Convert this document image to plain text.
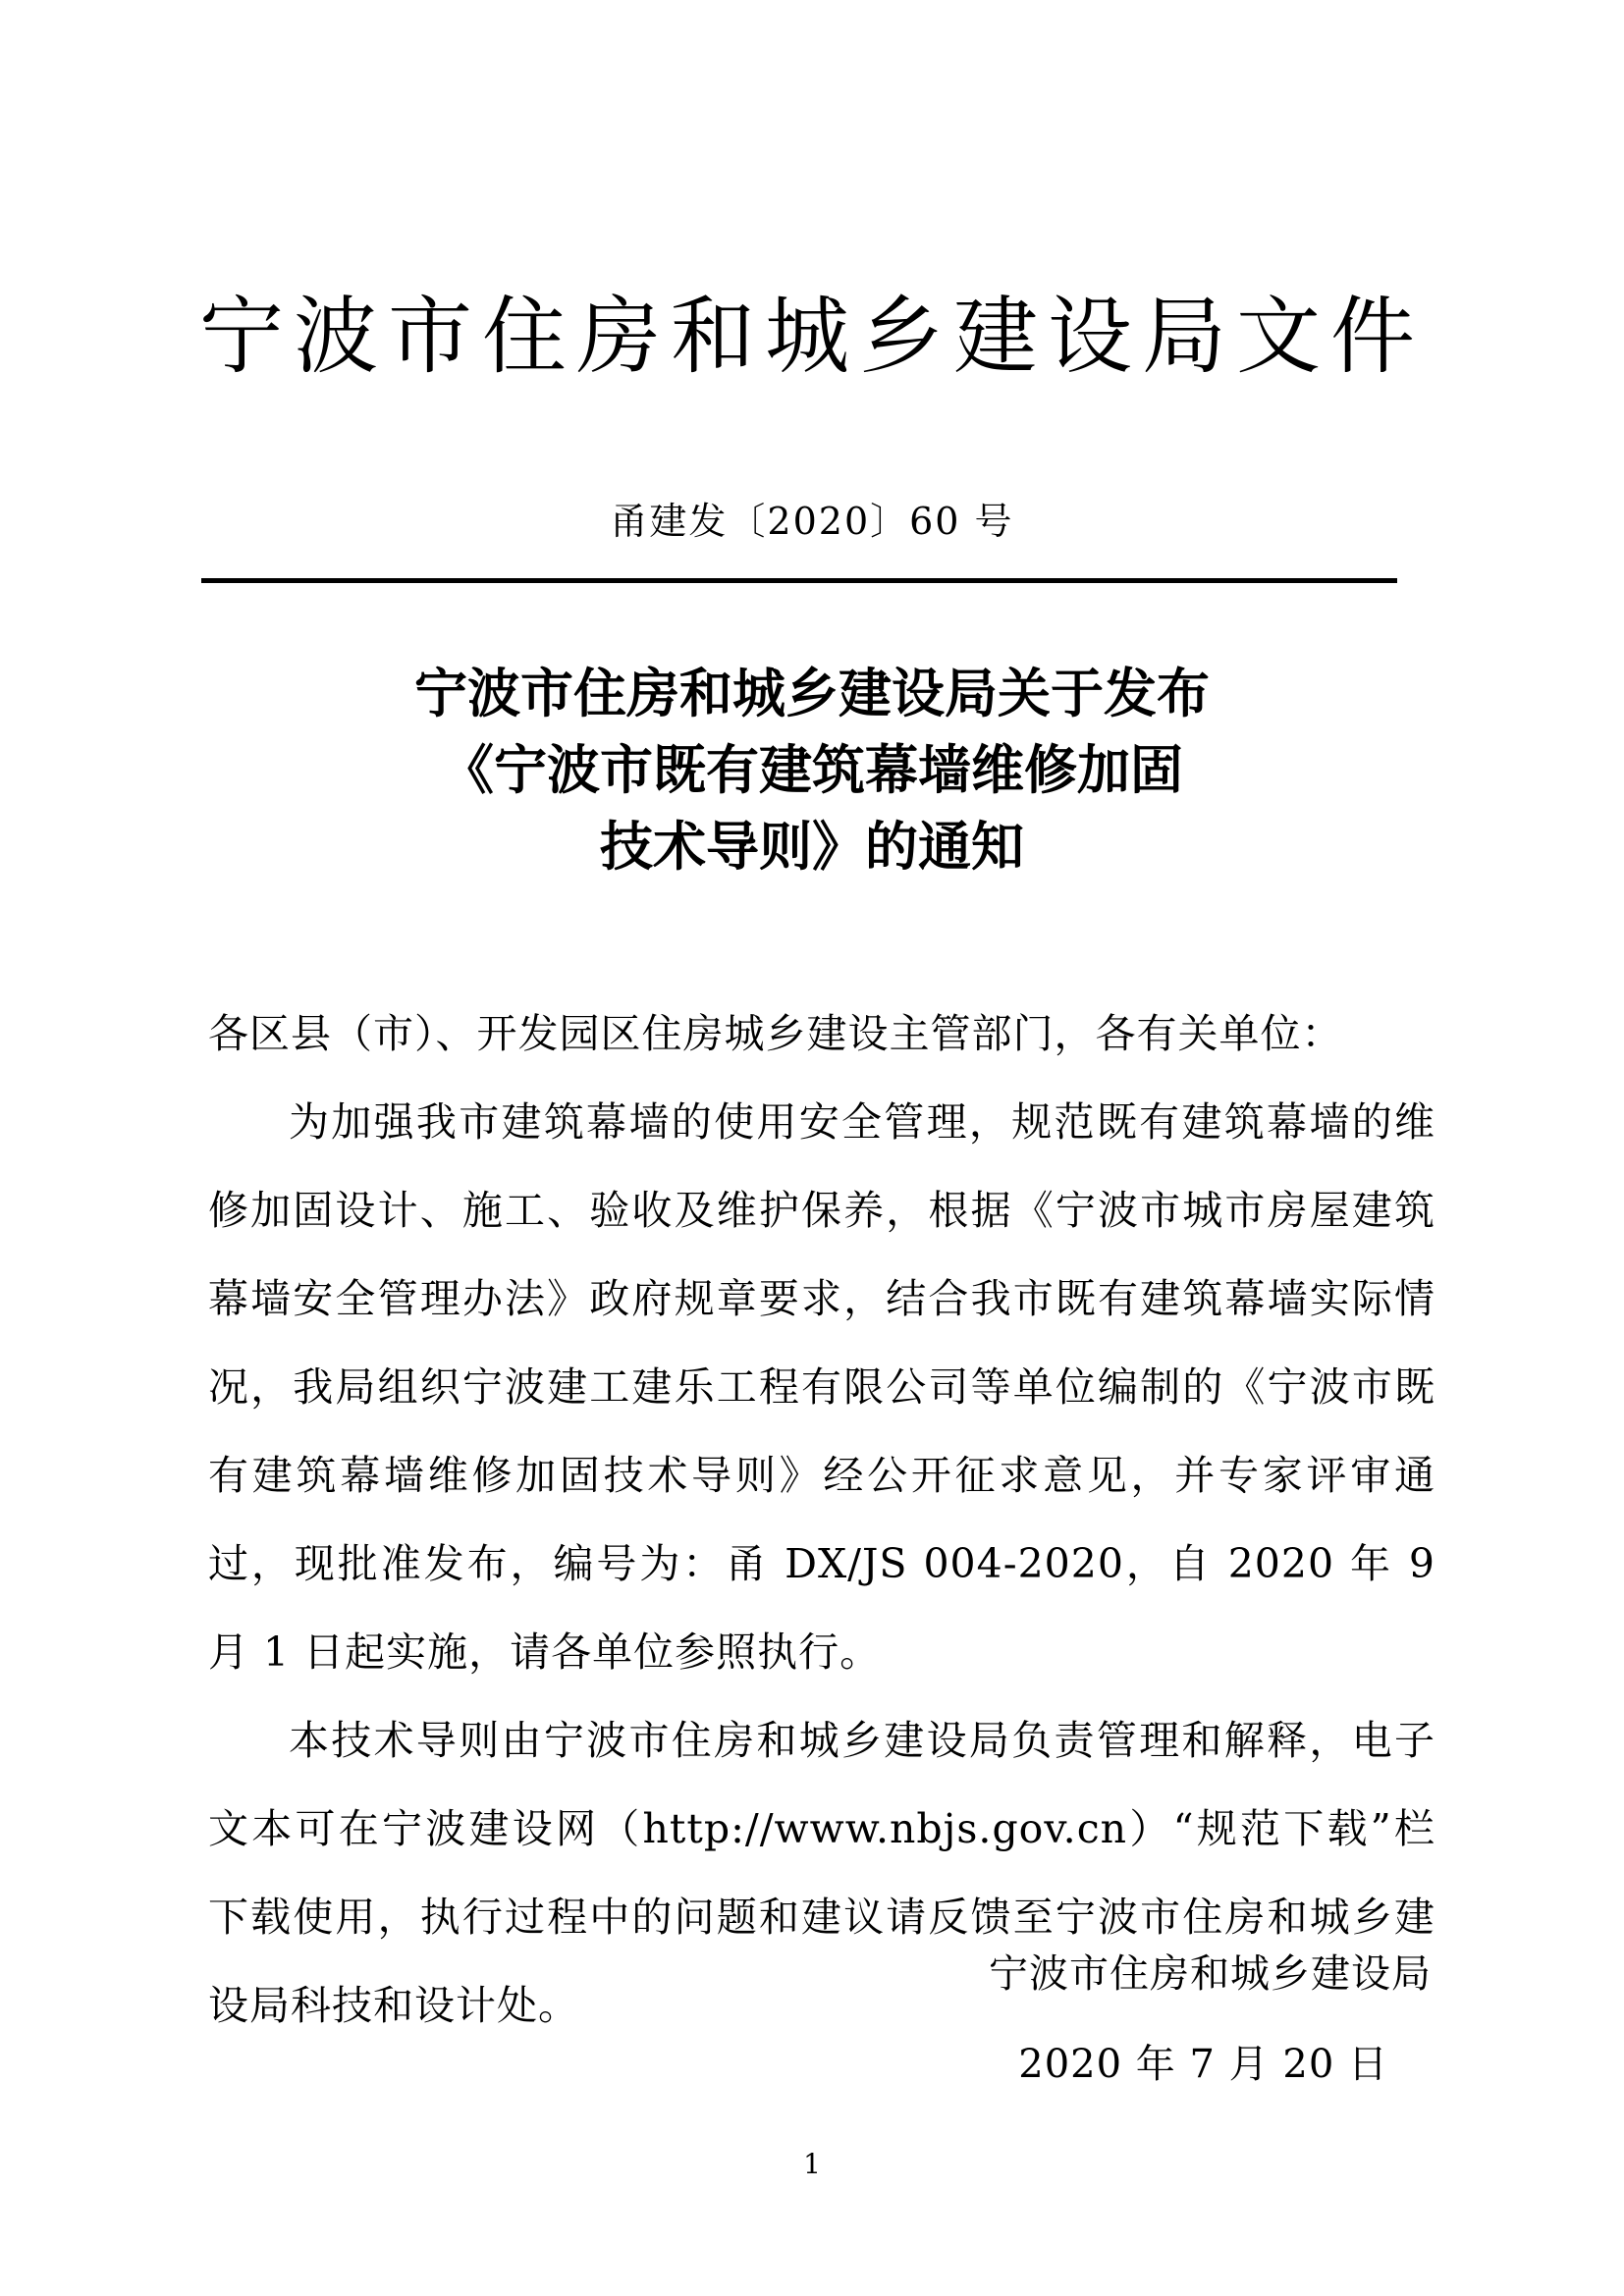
宁波市住房和城乡建设局文件
甬建发〔2020〕60 号
宁波市住房和城乡建设局关于发布
《宁波市既有建筑幕墙维修加固
技术导则》的通知

各区县（市）、开发园区住房城乡建设主管部门，各有关单位：

为加强我市建筑幕墙的使用安全管理，规范既有建筑幕墙的维修加固设计、施工、验收及维护保养，根据《宁波市城市房屋建筑幕墙安全管理办法》政府规章要求，结合我市既有建筑幕墙实际情况，我局组织宁波建工建乐工程有限公司等单位编制的《宁波市既有建筑幕墙维修加固技术导则》经公开征求意见，并专家评审通过，现批准发布，编号为：甬 DX/JS 004-2020，自 2020 年 9 月 1 日起实施，请各单位参照执行。

本技术导则由宁波市住房和城乡建设局负责管理和解释，电子文本可在宁波建设网（http://www.nbjs.gov.cn）“规范下载”栏下载使用，执行过程中的问题和建议请反馈至宁波市住房和城乡建设局科技和设计处。

宁波市住房和城乡建设局
2020 年 7 月 20 日
1
